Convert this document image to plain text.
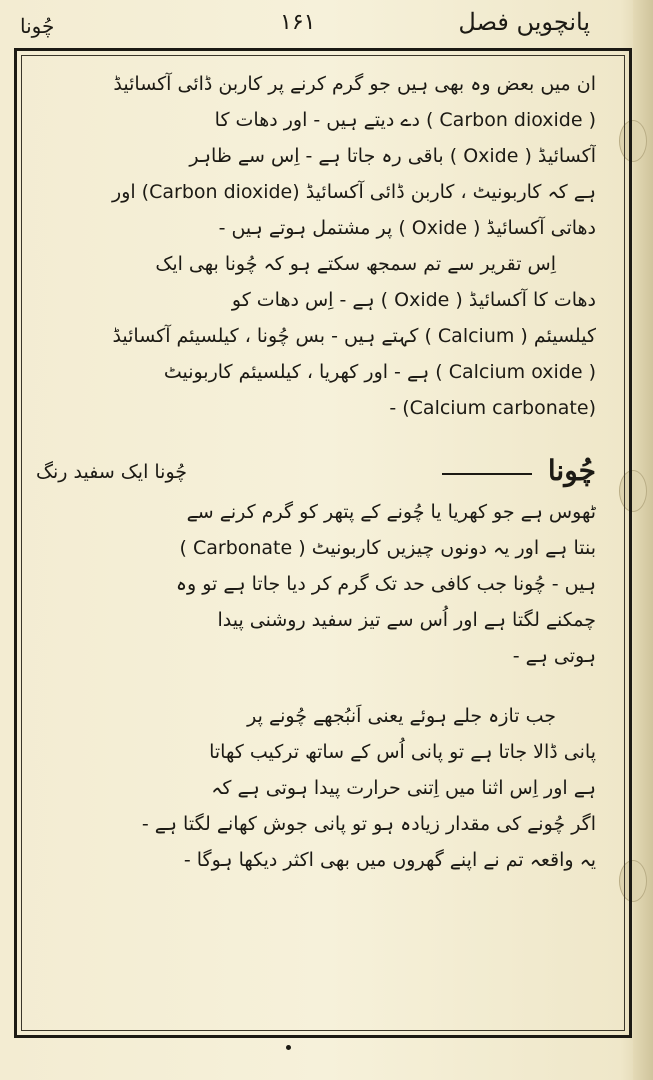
پانچویں فصل
۱۶۱
چُونا
ان میں بعض وہ بھی ہیں جو گرم کرنے پر کاربن ڈائی آکسائیڈ
( Carbon dioxide ) دے دیتے ہیں - اور دھات کا
آکسائیڈ ( Oxide ) باقی رہ جاتا ہے - اِس سے ظاہر
ہے کہ کاربونیٹ ، کاربن ڈائی آکسائیڈ (Carbon dioxide) اور
دھاتی آکسائیڈ ( Oxide ) پر مشتمل ہوتے ہیں -
اِس تقریر سے تم سمجھ سکتے ہو کہ چُونا بھی ایک
دھات کا آکسائیڈ ( Oxide ) ہے - اِس دھات کو
کیلسیئم ( Calcium ) کہتے ہیں - بس چُونا ، کیلسیئم آکسائیڈ
( Calcium oxide ) ہے - اور کھریا ، کیلسیئم کاربونیٹ
(Calcium carbonate) -
چُونا
چُونا ایک سفید رنگ
ٹھوس ہے جو کھریا یا چُونے کے پتھر کو گرم کرنے سے
بنتا ہے اور یہ دونوں چیزیں کاربونیٹ ( Carbonate )
ہیں - چُونا جب کافی حد تک گرم کر دیا جاتا ہے تو وہ
چمکنے لگتا ہے اور اُس سے تیز سفید روشنی پیدا
ہوتی ہے -
جب تازہ جلے ہوئے یعنی اَنبُجھے چُونے پر
پانی ڈالا جاتا ہے تو پانی اُس کے ساتھ ترکیب کھاتا
ہے اور اِس اثنا میں اِتنی حرارت پیدا ہوتی ہے کہ
اگر چُونے کی مقدار زیادہ ہو تو پانی جوش کھانے لگتا ہے -
یہ واقعہ تم نے اپنے گھروں میں بھی اکثر دیکھا ہوگا -
